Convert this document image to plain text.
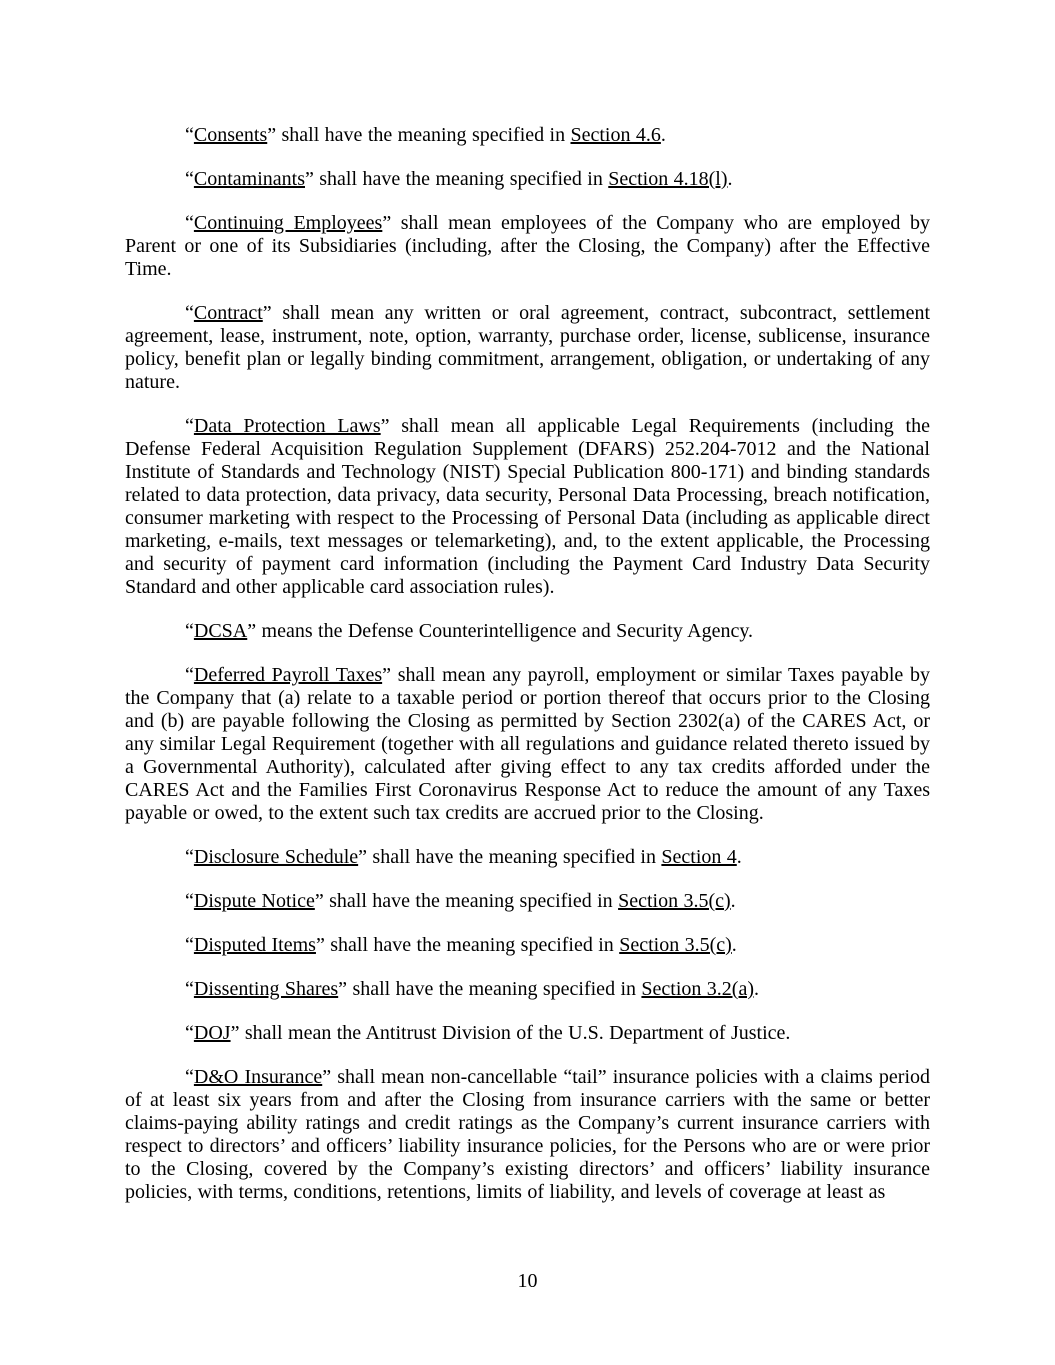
“Consents” shall have the meaning specified in Section 4.6.

“Contaminants” shall have the meaning specified in Section 4.18(l).

“Continuing Employees” shall mean employees of the Company who are employed by Parent or one of its Subsidiaries (including, after the Closing, the Company) after the Effective Time.

“Contract” shall mean any written or oral agreement, contract, subcontract, settlement agreement, lease, instrument, note, option, warranty, purchase order, license, sublicense, insurance policy, benefit plan or legally binding commitment, arrangement, obligation, or undertaking of any nature.

“Data Protection Laws” shall mean all applicable Legal Requirements (including the Defense Federal Acquisition Regulation Supplement (DFARS) 252.204-7012 and the National Institute of Standards and Technology (NIST) Special Publication 800-171) and binding standards related to data protection, data privacy, data security, Personal Data Processing, breach notification, consumer marketing with respect to the Processing of Personal Data (including as applicable direct marketing, e-mails, text messages or telemarketing), and, to the extent applicable, the Processing and security of payment card information (including the Payment Card Industry Data Security Standard and other applicable card association rules).

“DCSA” means the Defense Counterintelligence and Security Agency.

“Deferred Payroll Taxes” shall mean any payroll, employment or similar Taxes payable by the Company that (a) relate to a taxable period or portion thereof that occurs prior to the Closing and (b) are payable following the Closing as permitted by Section 2302(a) of the CARES Act, or any similar Legal Requirement (together with all regulations and guidance related thereto issued by a Governmental Authority), calculated after giving effect to any tax credits afforded under the CARES Act and the Families First Coronavirus Response Act to reduce the amount of any Taxes payable or owed, to the extent such tax credits are accrued prior to the Closing.

“Disclosure Schedule” shall have the meaning specified in Section 4.

“Dispute Notice” shall have the meaning specified in Section 3.5(c).

“Disputed Items” shall have the meaning specified in Section 3.5(c).

“Dissenting Shares” shall have the meaning specified in Section 3.2(a).

“DOJ” shall mean the Antitrust Division of the U.S. Department of Justice.

“D&O Insurance” shall mean non-cancellable “tail” insurance policies with a claims period of at least six years from and after the Closing from insurance carriers with the same or better claims-paying ability ratings and credit ratings as the Company’s current insurance carriers with respect to directors’ and officers’ liability insurance policies, for the Persons who are or were prior to the Closing, covered by the Company’s existing directors’ and officers’ liability insurance policies, with terms, conditions, retentions, limits of liability, and levels of coverage at least as

10
